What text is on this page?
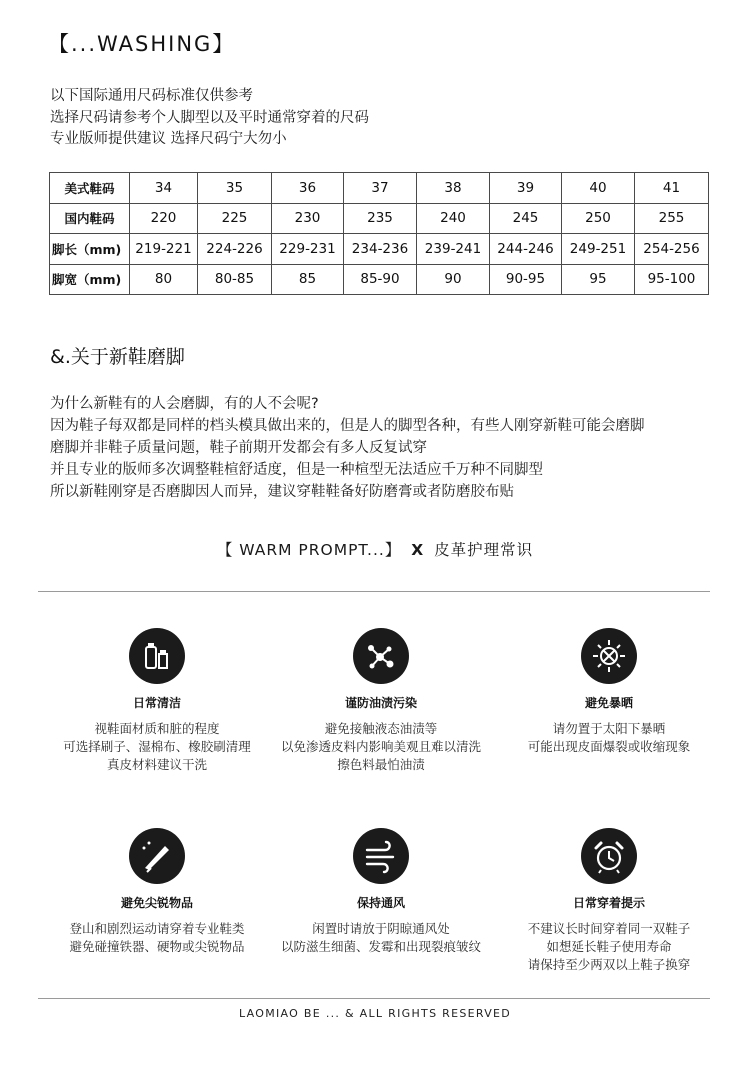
【...WASHING】
以下国际通用尺码标准仅供参考
选择尺码请参考个人脚型以及平时通常穿着的尺码
专业版师提供建议 选择尺码宁大勿小
美式鞋码	34	35	36	37	38	39	40	41
国内鞋码	220	225	230	235	240	245	250	255
脚长（mm)	219-221	224-226	229-231	234-236	239-241	244-246	249-251	254-256
脚宽（mm)	80	80-85	85	85-90	90	90-95	95	95-100
&.关于新鞋磨脚
为什么新鞋有的人会磨脚，有的人不会呢?
因为鞋子每双都是同样的档头模具做出来的，但是人的脚型各种，有些人刚穿新鞋可能会磨脚
磨脚并非鞋子质量问题，鞋子前期开发都会有多人反复试穿
并且专业的版师多次调整鞋楦舒适度，但是一种楦型无法适应千万种不同脚型
所以新鞋刚穿是否磨脚因人而异，建议穿鞋鞋备好防磨膏或者防磨胶布贴
【 WARM PROMPT...】 X 皮革护理常识
日常清洁
视鞋面材质和脏的程度
可选择刷子、湿棉布、橡胶刷清理
真皮材料建议干洗
谨防油渍污染
避免接触液态油渍等
以免渗透皮料内影响美观且难以清洗
擦色料最怕油渍
避免暴晒
请勿置于太阳下暴晒
可能出现皮面爆裂或收缩现象
避免尖锐物品
登山和剧烈运动请穿着专业鞋类
避免碰撞铁器、硬物或尖锐物品
保持通风
闲置时请放于阴晾通风处
以防滋生细菌、发霉和出现裂痕皱纹
日常穿着提示
不建议长时间穿着同一双鞋子
如想延长鞋子使用寿命
请保持至少两双以上鞋子换穿
LAOMIAO BE ... & ALL RIGHTS RESERVED
